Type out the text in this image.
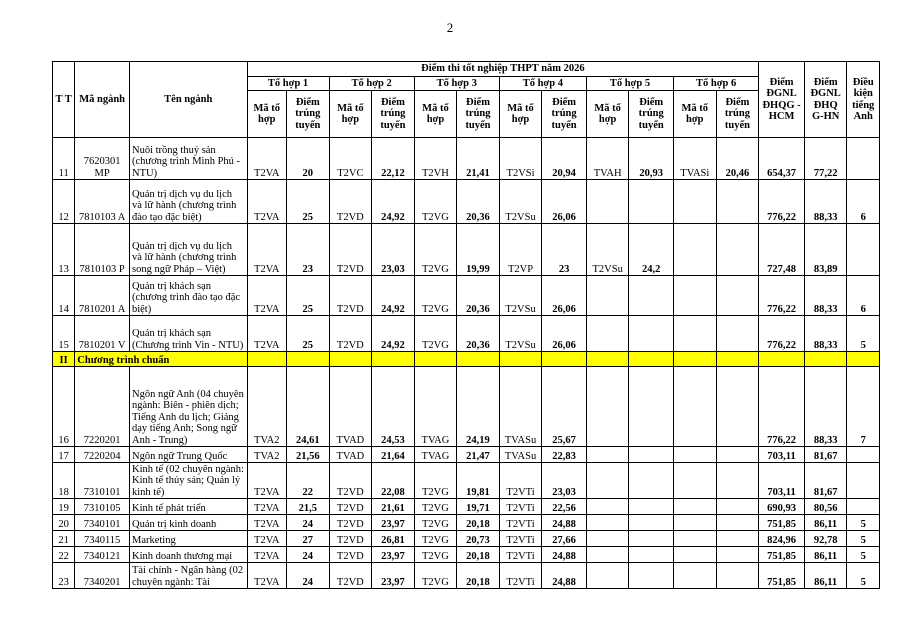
2
T T	Mã ngành	Tên ngành	Điểm thi tốt nghiệp THPT năm 2026												Điểm ĐGNL ĐHQG -HCM	Điểm ĐGNL ĐHQ G-HN	Điều kiện tiếng Anh
			Tổ hợp 1		Tổ hợp 2		Tổ hợp 3		Tổ hợp 4		Tổ hợp 5		Tổ hợp 6				
			Mã tổ hợp	Điểm trúng tuyển	Mã tổ hợp	Điểm trúng tuyển	Mã tổ hợp	Điểm trúng tuyển	Mã tổ hợp	Điểm trúng tuyển	Mã tổ hợp	Điểm trúng tuyển	Mã tổ hợp	Điểm trúng tuyển			
11	7620301 MP	Nuôi trồng thuỷ sản (chương trình Minh Phú - NTU)	T2VA	20	T2VC	22,12	T2VH	21,41	T2VSi	20,94	TVAH	20,93	TVASi	20,46	654,37	77,22	
12	7810103 A	Quản trị dịch vụ du lịch và lữ hành (chương trình đào tạo đặc biệt)	T2VA	25	T2VD	24,92	T2VG	20,36	T2VSu	26,06					776,22	88,33	6
13	7810103 P	Quản trị dịch vụ du lịch và lữ hành (chương trình song ngữ Pháp – Việt)	T2VA	23	T2VD	23,03	T2VG	19,99	T2VP	23	T2VSu	24,2			727,48	83,89	
14	7810201 A	Quản trị khách sạn (chương trình đào tạo đặc biệt)	T2VA	25	T2VD	24,92	T2VG	20,36	T2VSu	26,06					776,22	88,33	6
15	7810201 V	Quản trị khách sạn (Chương trình Vin - NTU)	T2VA	25	T2VD	24,92	T2VG	20,36	T2VSu	26,06					776,22	88,33	5
II	Chương trình chuẩn																
16	7220201	Ngôn ngữ Anh (04 chuyên ngành: Biên - phiên dịch; Tiếng Anh du lịch; Giảng dạy tiếng Anh; Song ngữ Anh - Trung)	TVA2	24,61	TVAD	24,53	TVAG	24,19	TVASu	25,67					776,22	88,33	7
17	7220204	Ngôn ngữ Trung Quốc	TVA2	21,56	TVAD	21,64	TVAG	21,47	TVASu	22,83					703,11	81,67	
18	7310101	Kinh tế (02 chuyên ngành: Kinh tế thủy sản; Quản lý kinh tế)	T2VA	22	T2VD	22,08	T2VG	19,81	T2VTi	23,03					703,11	81,67	
19	7310105	Kinh tế phát triển	T2VA	21,5	T2VD	21,61	T2VG	19,71	T2VTi	22,56					690,93	80,56	
20	7340101	Quản trị kinh doanh	T2VA	24	T2VD	23,97	T2VG	20,18	T2VTi	24,88					751,85	86,11	5
21	7340115	Marketing	T2VA	27	T2VD	26,81	T2VG	20,73	T2VTi	27,66					824,96	92,78	5
22	7340121	Kinh doanh thương mại	T2VA	24	T2VD	23,97	T2VG	20,18	T2VTi	24,88					751,85	86,11	5
23	7340201	Tài chính - Ngân hàng (02 chuyên ngành: Tài	T2VA	24	T2VD	23,97	T2VG	20,18	T2VTi	24,88					751,85	86,11	5
